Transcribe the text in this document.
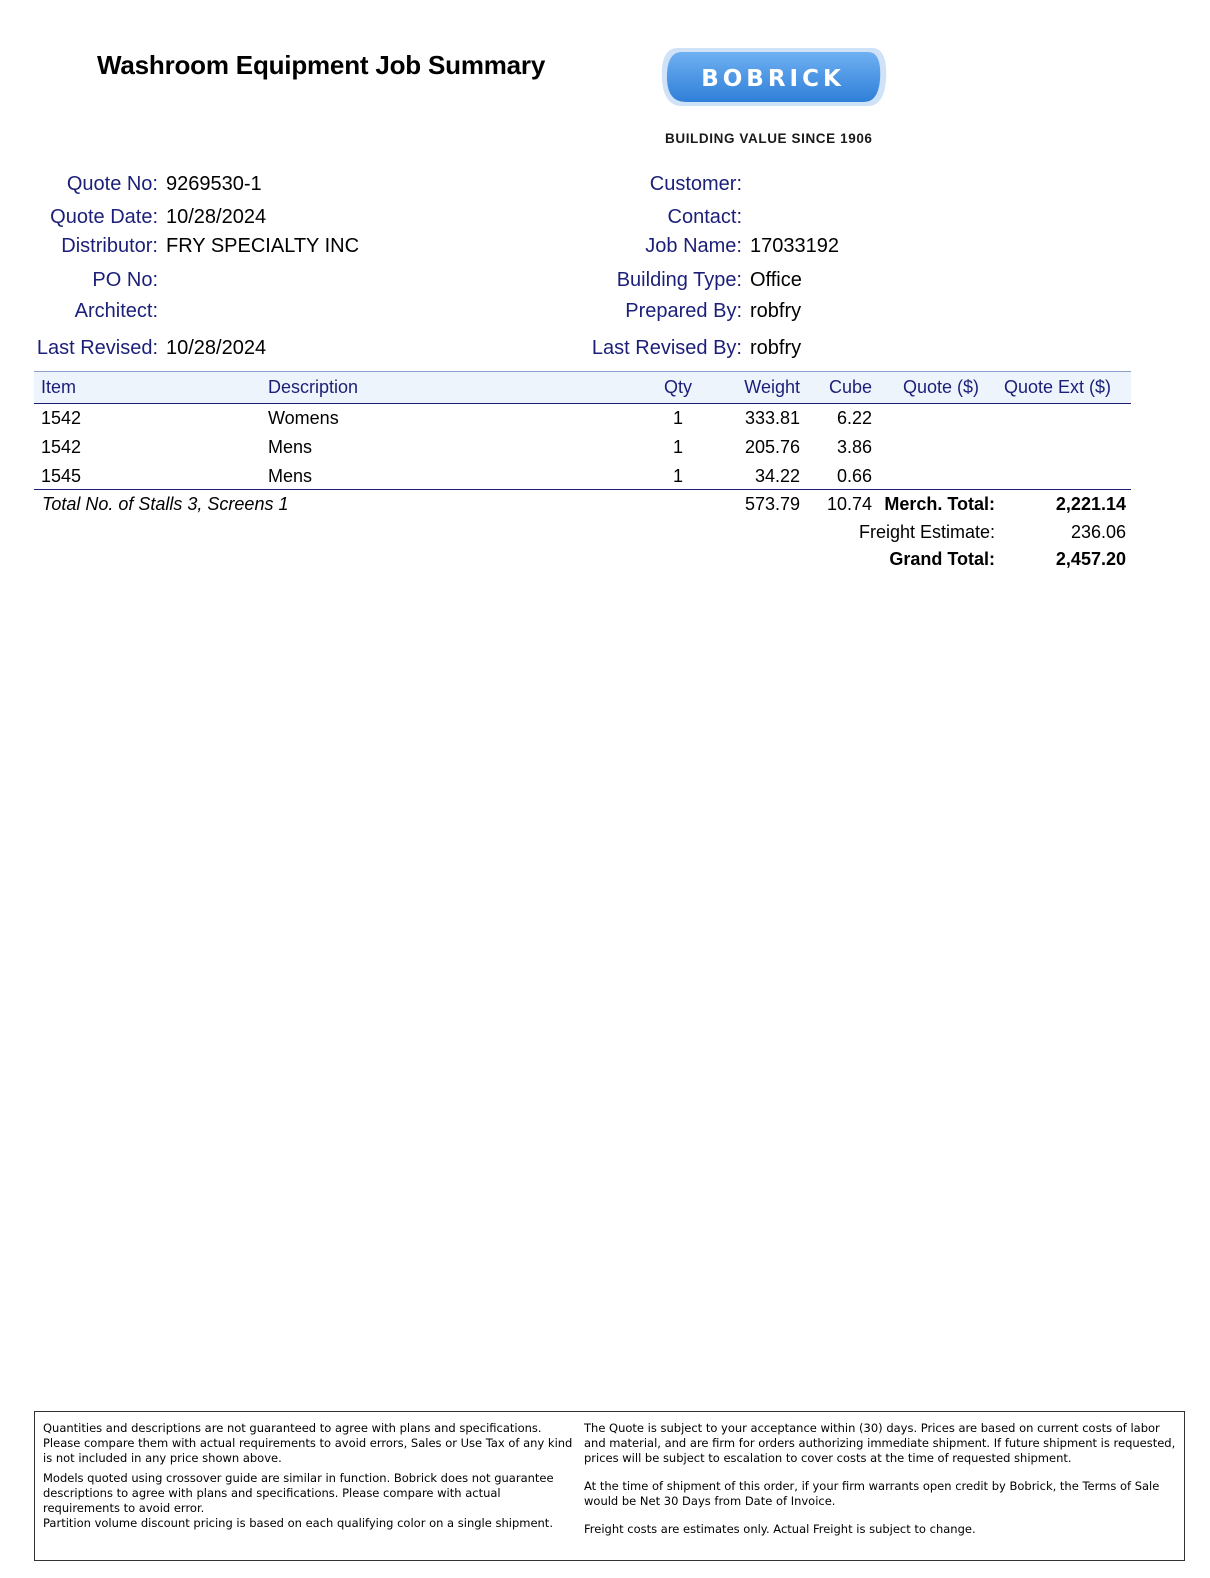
Washroom Equipment Job Summary	BOBRICK
BUILDING VALUE SINCE 1906
Quote No: 9269530-1
Quote Date: 10/28/2024
Distributor: FRY SPECIALTY INC
PO No:
Architect:
Last Revised: 10/28/2024
Customer:
Contact:
Job Name: 17033192
Building Type: Office
Prepared By: robfry
Last Revised By: robfry
Item	Description	Qty	Weight Cube Quote ($) Quote Ext ($)
1542	Womens	1	333.81 6.22
1542	Mens	1	205.76 3.86
1545	Mens	1	34.22 0.66
Total No. of Stalls 3, Screens 1	573.79 10.74 Merch. Total:	2,221.14
Freight Estimate:	236.06
Grand Total:	2,457.20

Quantities and descriptions are not guaranteed to agree with plans and specifications. Please compare them with actual requirements to avoid errors, Sales or Use Tax of any kind is not included in any price shown above.

Models quoted using crossover guide are similar in function. Bobrick does not guarantee descriptions to agree with plans and specifications. Please compare with actual requirements to avoid error.

Partition volume discount pricing is based on each qualifying color on a single shipment.

The Quote is subject to your acceptance within (30) days. Prices are based on current costs of labor and material, and are firm for orders authorizing immediate shipment. If future shipment is requested, prices will be subject to escalation to cover costs at the time of requested shipment.

At the time of shipment of this order, if your firm warrants open credit by Bobrick, the Terms of Sale would be Net 30 Days from Date of Invoice.

Freight costs are estimates only. Actual Freight is subject to change.
